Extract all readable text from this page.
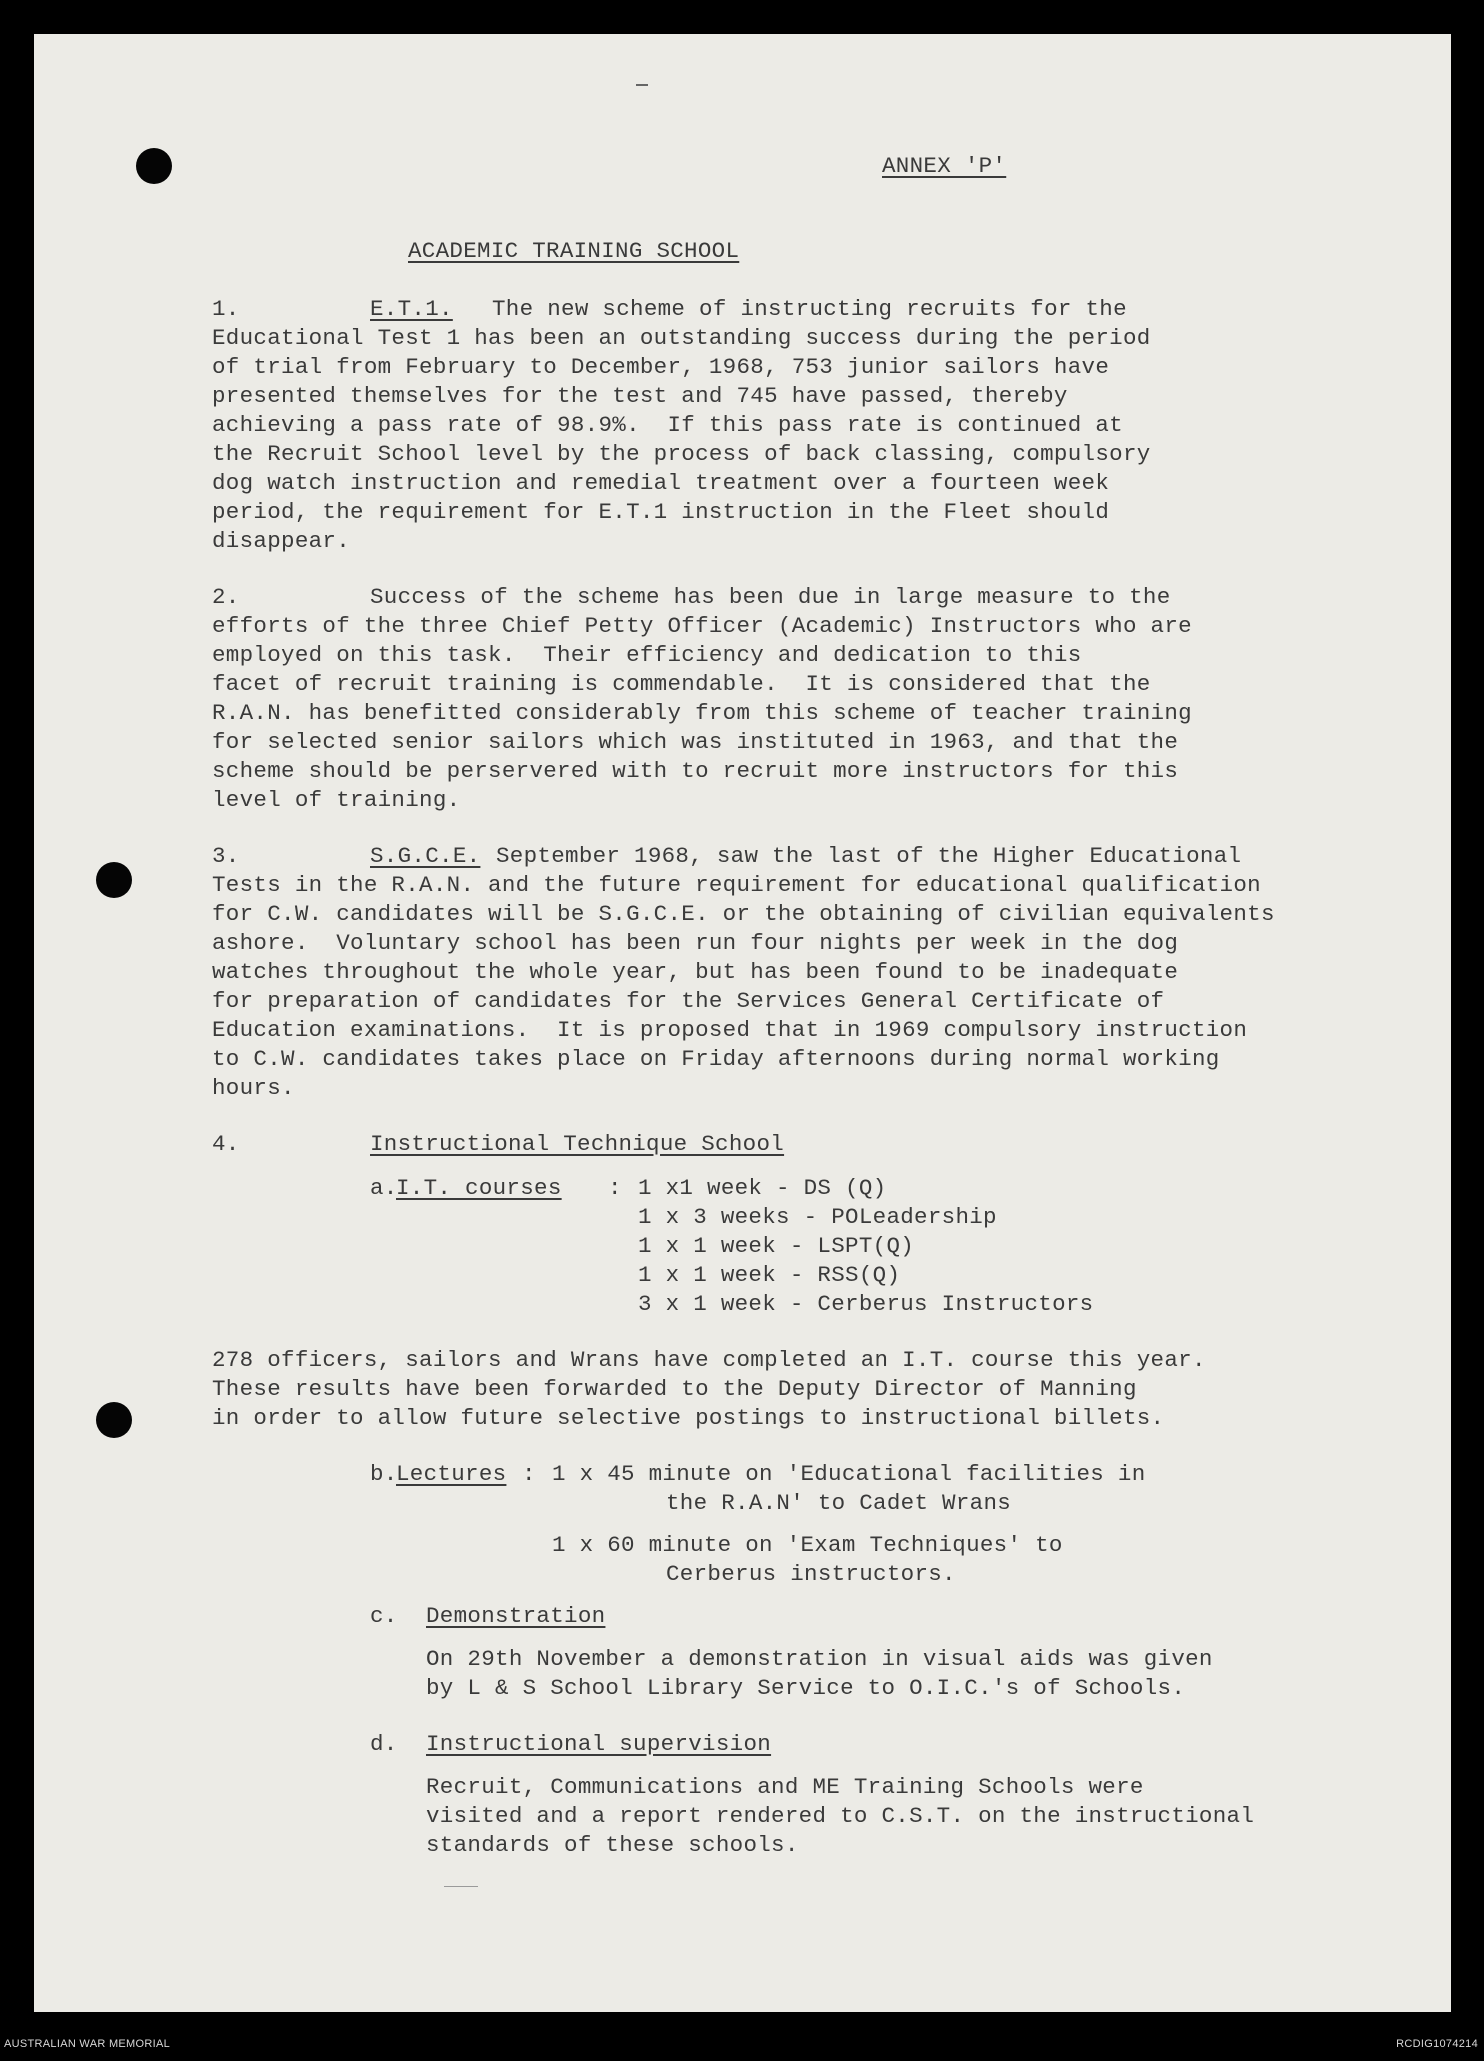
ANNEX 'P'
ACADEMIC TRAINING SCHOOL
1.	E.T.1. The new scheme of instructing recruits for the
Educational Test 1 has been an outstanding success during the period
of trial from February to December, 1968, 753 junior sailors have
presented themselves for the test and 745 have passed, thereby
achieving a pass rate of 98.9%.  If this pass rate is continued at
the Recruit School level by the process of back classing, compulsory
dog watch instruction and remedial treatment over a fourteen week
period, the requirement for E.T.1 instruction in the Fleet should
disappear.
2.	Success of the scheme has been due in large measure to the
efforts of the three Chief Petty Officer (Academic) Instructors who are
employed on this task.  Their efficiency and dedication to this
facet of recruit training is commendable.  It is considered that the
R.A.N. has benefitted considerably from this scheme of teacher training
for selected senior sailors which was instituted in 1963, and that the
scheme should be perservered with to recruit more instructors for this
level of training.
3.	S.G.C.E. September 1968, saw the last of the Higher Educational
Tests in the R.A.N. and the future requirement for educational qualification
for C.W. candidates will be S.G.C.E. or the obtaining of civilian equivalents
ashore.  Voluntary school has been run four nights per week in the dog
watches throughout the whole year, but has been found to be inadequate
for preparation of candidates for the Services General Certificate of
Education examinations.  It is proposed that in 1969 compulsory instruction
to C.W. candidates takes place on Friday afternoons during normal working
hours.
4.	Instructional Technique School
a.
I.T. courses : 1 x1 week - DS (Q)
1 x 3 weeks - POLeadership
1 x 1 week - LSPT(Q)
1 x 1 week - RSS(Q)
3 x 1 week - Cerberus Instructors
278 officers, sailors and Wrans have completed an I.T. course this year.
These results have been forwarded to the Deputy Director of Manning
in order to allow future selective postings to instructional billets.
b.
Lectures : 1 x 45 minute on 'Educational facilities in
the R.A.N' to Cadet Wrans
1 x 60 minute on 'Exam Techniques' to
Cerberus instructors.
c. Demonstration
On 29th November a demonstration in visual aids was given
by L & S School Library Service to O.I.C.'s of Schools.
d. Instructional supervision
Recruit, Communications and ME Training Schools were
visited and a report rendered to C.S.T. on the instructional
standards of these schools.
AUSTRALIAN WAR MEMORIAL	RCDIG1074214
